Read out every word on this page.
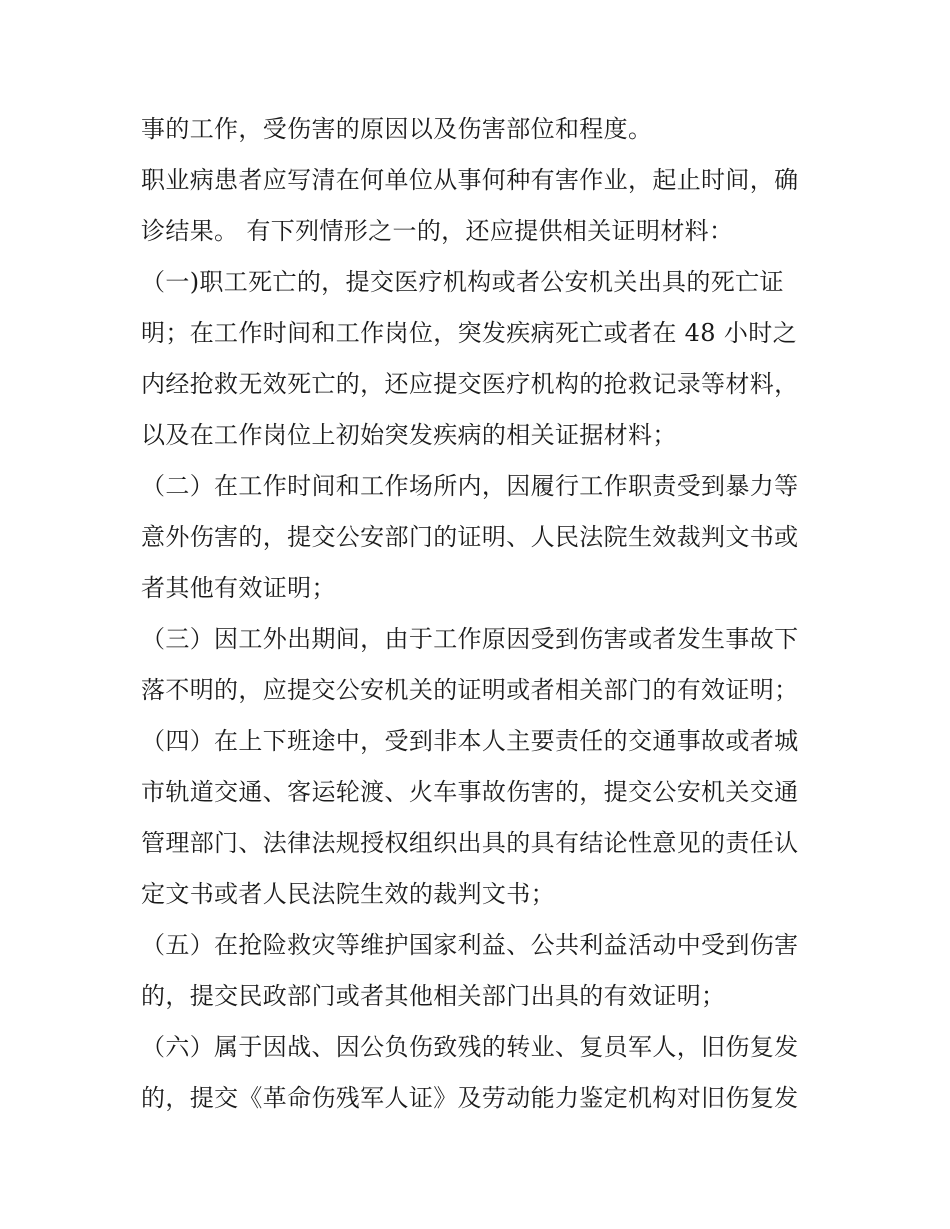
事的工作，受伤害的原因以及伤害部位和程度。
职业病患者应写清在何单位从事何种有害作业，起止时间，确
诊结果。 有下列情形之一的，还应提供相关证明材料：
（一)职工死亡的，提交医疗机构或者公安机关出具的死亡证
明；在工作时间和工作岗位，突发疾病死亡或者在 48 小时之
内经抢救无效死亡的，还应提交医疗机构的抢救记录等材料，
以及在工作岗位上初始突发疾病的相关证据材料；
（二）在工作时间和工作场所内，因履行工作职责受到暴力等
意外伤害的，提交公安部门的证明、人民法院生效裁判文书或
者其他有效证明；
（三）因工外出期间，由于工作原因受到伤害或者发生事故下
落不明的，应提交公安机关的证明或者相关部门的有效证明；
（四）在上下班途中，受到非本人主要责任的交通事故或者城
市轨道交通、客运轮渡、火车事故伤害的，提交公安机关交通
管理部门、法律法规授权组织出具的具有结论性意见的责任认
定文书或者人民法院生效的裁判文书；
（五）在抢险救灾等维护国家利益、公共利益活动中受到伤害
的，提交民政部门或者其他相关部门出具的有效证明；
（六）属于因战、因公负伤致残的转业、复员军人，旧伤复发
的，提交《革命伤残军人证》及劳动能力鉴定机构对旧伤复发
